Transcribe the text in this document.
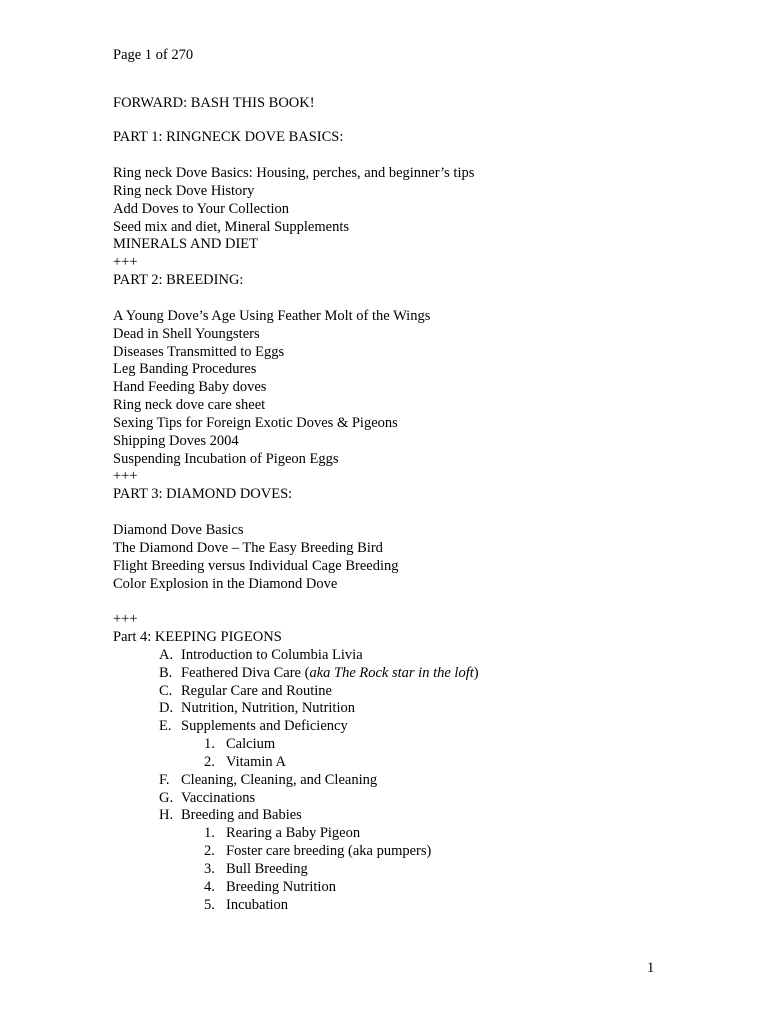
Page 1 of 270
FORWARD: BASH THIS BOOK!
PART 1: RINGNECK DOVE BASICS:
Ring neck Dove Basics: Housing, perches, and beginner’s tips
Ring neck Dove History
Add Doves to Your Collection
Seed mix and diet, Mineral Supplements
MINERALS AND DIET
+++
PART 2: BREEDING:
A Young Dove’s Age Using Feather Molt of the Wings
Dead in Shell Youngsters
Diseases Transmitted to Eggs
Leg Banding Procedures
Hand Feeding Baby doves
Ring neck dove care sheet
Sexing Tips for Foreign Exotic Doves & Pigeons
Shipping Doves 2004
Suspending Incubation of Pigeon Eggs
+++
PART 3: DIAMOND DOVES:
Diamond Dove Basics
The Diamond Dove – The Easy Breeding Bird
Flight Breeding versus Individual Cage Breeding
Color Explosion in the Diamond Dove
+++
Part 4: KEEPING PIGEONS
A. Introduction to Columbia Livia
B. Feathered Diva Care (aka The Rock star in the loft)
C. Regular Care and Routine
D. Nutrition, Nutrition, Nutrition
E. Supplements and Deficiency
1. Calcium
2. Vitamin A
F. Cleaning, Cleaning, and Cleaning
G. Vaccinations
H. Breeding and Babies
1. Rearing a Baby Pigeon
2. Foster care breeding (aka pumpers)
3. Bull Breeding
4. Breeding Nutrition
5. Incubation
1
